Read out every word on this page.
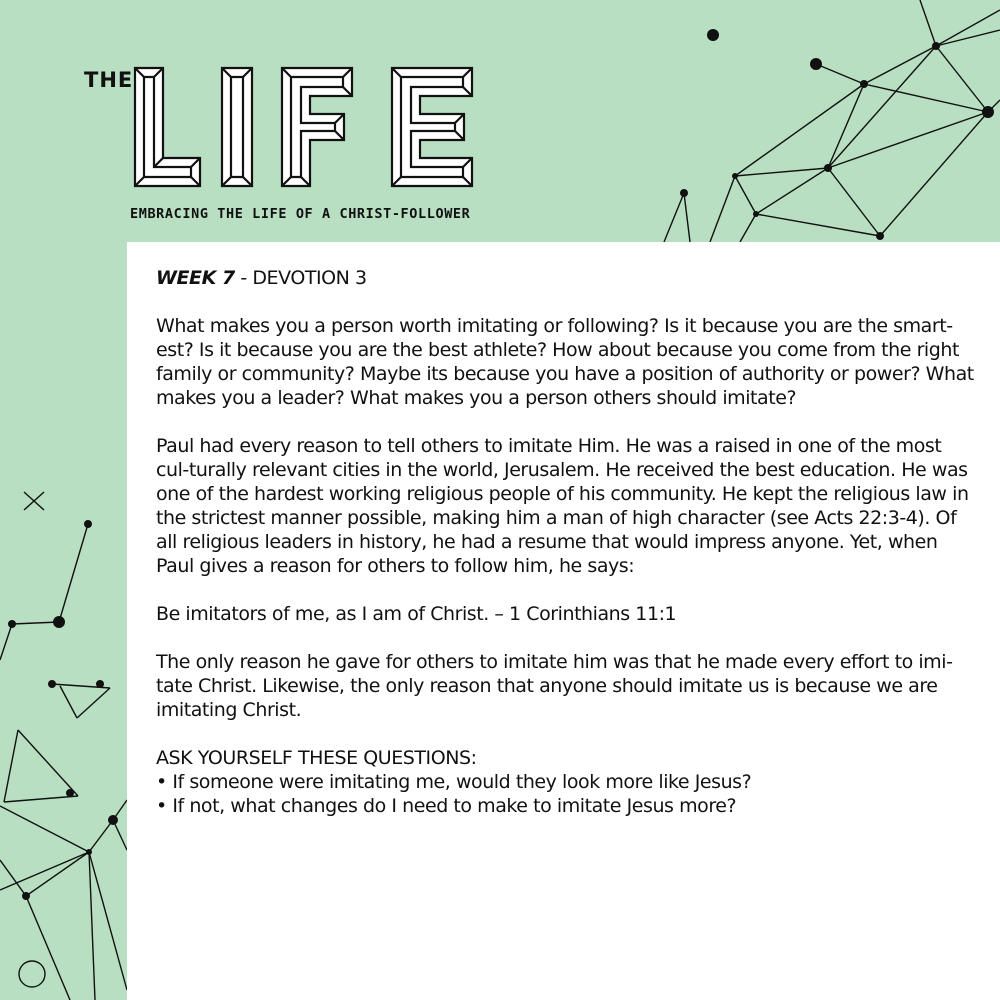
THE
EMBRACING THE LIFE OF A CHRIST-FOLLOWER
WEEK 7 - DEVOTION 3

What makes you a person worth imitating or following? Is it because you are the smart-est? Is it because you are the best athlete? How about because you come from the right family or community? Maybe its because you have a position of authority or power? What makes you a leader? What makes you a person others should imitate?

Paul had every reason to tell others to imitate Him. He was a raised in one of the most cul-turally relevant cities in the world, Jerusalem. He received the best education. He was one of the hardest working religious people of his community. He kept the religious law in the strictest manner possible, making him a man of high character (see Acts 22:3-4). Of all religious leaders in history, he had a resume that would impress anyone. Yet, when Paul gives a reason for others to follow him, he says:

Be imitators of me, as I am of Christ. – 1 Corinthians 11:1

The only reason he gave for others to imitate him was that he made every effort to imi-tate Christ. Likewise, the only reason that anyone should imitate us is because we are imitating Christ.

ASK YOURSELF THESE QUESTIONS:
• If someone were imitating me, would they look more like Jesus?
• If not, what changes do I need to make to imitate Jesus more?
